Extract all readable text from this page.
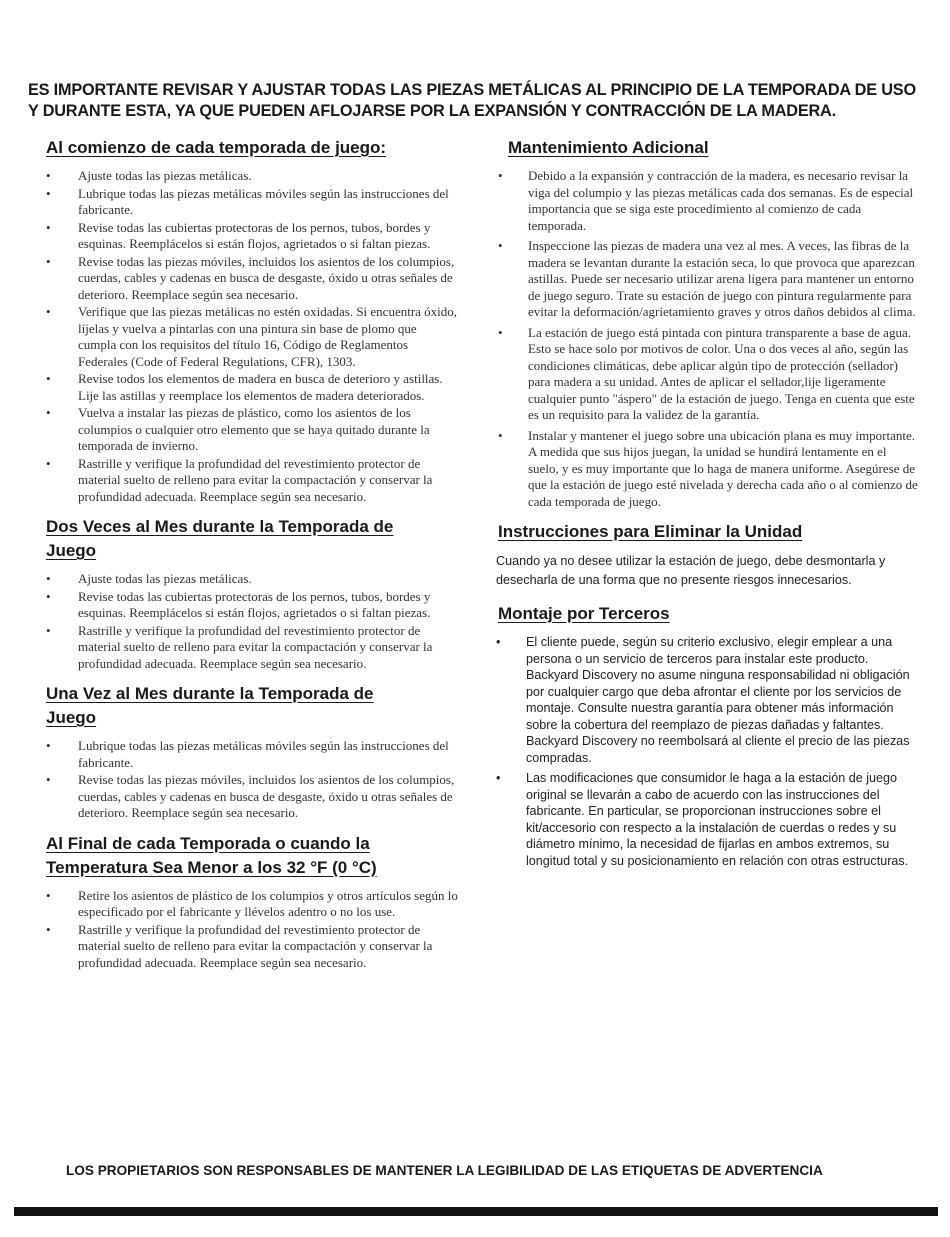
ES IMPORTANTE REVISAR Y AJUSTAR TODAS LAS PIEZAS METÁLICAS AL PRINCIPIO DE LA TEMPORADA DE USO Y DURANTE ESTA, YA QUE PUEDEN AFLOJARSE POR LA EXPANSIÓN Y CONTRACCIÓN DE LA MADERA.
Al comienzo de cada temporada de juego:
• Ajuste todas las piezas metálicas.
• Lubrique todas las piezas metálicas móviles según las instrucciones del fabricante.
• Revise todas las cubiertas protectoras de los pernos, tubos, bordes y esquinas. Reemplácelos si están flojos, agrietados o si faltan piezas.
• Revise todas las piezas móviles, incluidos los asientos de los columpios, cuerdas, cables y cadenas en busca de desgaste, óxido u otras señales de deterioro. Reemplace según sea necesario.
• Verifique que las piezas metálicas no estén oxidadas. Si encuentra óxido, líjelas y vuelva a pintarlas con una pintura sin base de plomo que cumpla con los requisitos del título 16, Código de Reglamentos Federales (Code of Federal Regulations, CFR), 1303.
• Revise todos los elementos de madera en busca de deterioro y astillas. Lije las astillas y reemplace los elementos de madera deteriorados.
• Vuelva a instalar las piezas de plástico, como los asientos de los columpios o cualquier otro elemento que se haya quitado durante la temporada de invierno.
• Rastrille y verifique la profundidad del revestimiento protector de material suelto de relleno para evitar la compactación y conservar la profundidad adecuada. Reemplace según sea necesario.
Dos Veces al Mes durante la Temporada de Juego
• Ajuste todas las piezas metálicas.
• Revise todas las cubiertas protectoras de los pernos, tubos, bordes y esquinas. Reemplácelos si están flojos, agrietados o si faltan piezas.
• Rastrille y verifique la profundidad del revestimiento protector de material suelto de relleno para evitar la compactación y conservar la profundidad adecuada. Reemplace según sea necesario.
Una Vez al Mes durante la Temporada de Juego
• Lubrique todas las piezas metálicas móviles según las instrucciones del fabricante.
• Revise todas las piezas móviles, incluidos los asientos de los columpios, cuerdas, cables y cadenas en busca de desgaste, óxido u otras señales de deterioro. Reemplace según sea necesario.
Al Final de cada Temporada o cuando la Temperatura Sea Menor a los 32 °F (0 °C)
• Retire los asientos de plástico de los columpios y otros artículos según lo especificado por el fabricante y llévelos adentro o no los use.
• Rastrille y verifique la profundidad del revestimiento protector de material suelto de relleno para evitar la compactación y conservar la profundidad adecuada. Reemplace según sea necesario.
Mantenimiento Adicional
• Debido a la expansión y contracción de la madera, es necesario revisar la viga del columpio y las piezas metálicas cada dos semanas. Es de especial importancia que se siga este procedimiento al comienzo de cada temporada.
• Inspeccione las piezas de madera una vez al mes. A veces, las fibras de la madera se levantan durante la estación seca, lo que provoca que aparezcan astillas. Puede ser necesario utilizar arena ligera para mantener un entorno de juego seguro. Trate su estación de juego con pintura regularmente para evitar la deformación/agrietamiento graves y otros daños debidos al clima.
• La estación de juego está pintada con pintura transparente a base de agua. Esto se hace solo por motivos de color. Una o dos veces al año, según las condiciones climáticas, debe aplicar algún tipo de protección (sellador) para madera a su unidad. Antes de aplicar el sellador,lije ligeramente cualquier punto "áspero" de la estación de juego. Tenga en cuenta que este es un requisito para la validez de la garantía.
• Instalar y mantener el juego sobre una ubicación plana es muy importante. A medida que sus hijos juegan, la unidad se hundirá lentamente en el suelo, y es muy importante que lo haga de manera uniforme. Asegúrese de que la estación de juego esté nivelada y derecha cada año o al comienzo de cada temporada de juego.
Instrucciones para Eliminar la Unidad

Cuando ya no desee utilizar la estación de juego, debe desmontarla y desecharla de una forma que no presente riesgos innecesarios.

Montaje por Terceros
• El cliente puede, según su criterio exclusivo, elegir emplear a una persona o un servicio de terceros para instalar este producto. Backyard Discovery no asume ninguna responsabilidad ni obligación por cualquier cargo que deba afrontar el cliente por los servicios de montaje. Consulte nuestra garantía para obtener más información sobre la cobertura del reemplazo de piezas dañadas y faltantes. Backyard Discovery no reembolsará al cliente el precio de las piezas compradas.
• Las modificaciones que consumidor le haga a la estación de juego original se llevarán a cabo de acuerdo con las instrucciones del fabricante. En particular, se proporcionan instrucciones sobre el kit/accesorio con respecto a la instalación de cuerdas o redes y su diámetro mínimo, la necesidad de fijarlas en ambos extremos, su longitud total y su posicionamiento en relación con otras estructuras.
LOS PROPIETARIOS SON RESPONSABLES DE MANTENER LA LEGIBILIDAD DE LAS ETIQUETAS DE ADVERTENCIA
